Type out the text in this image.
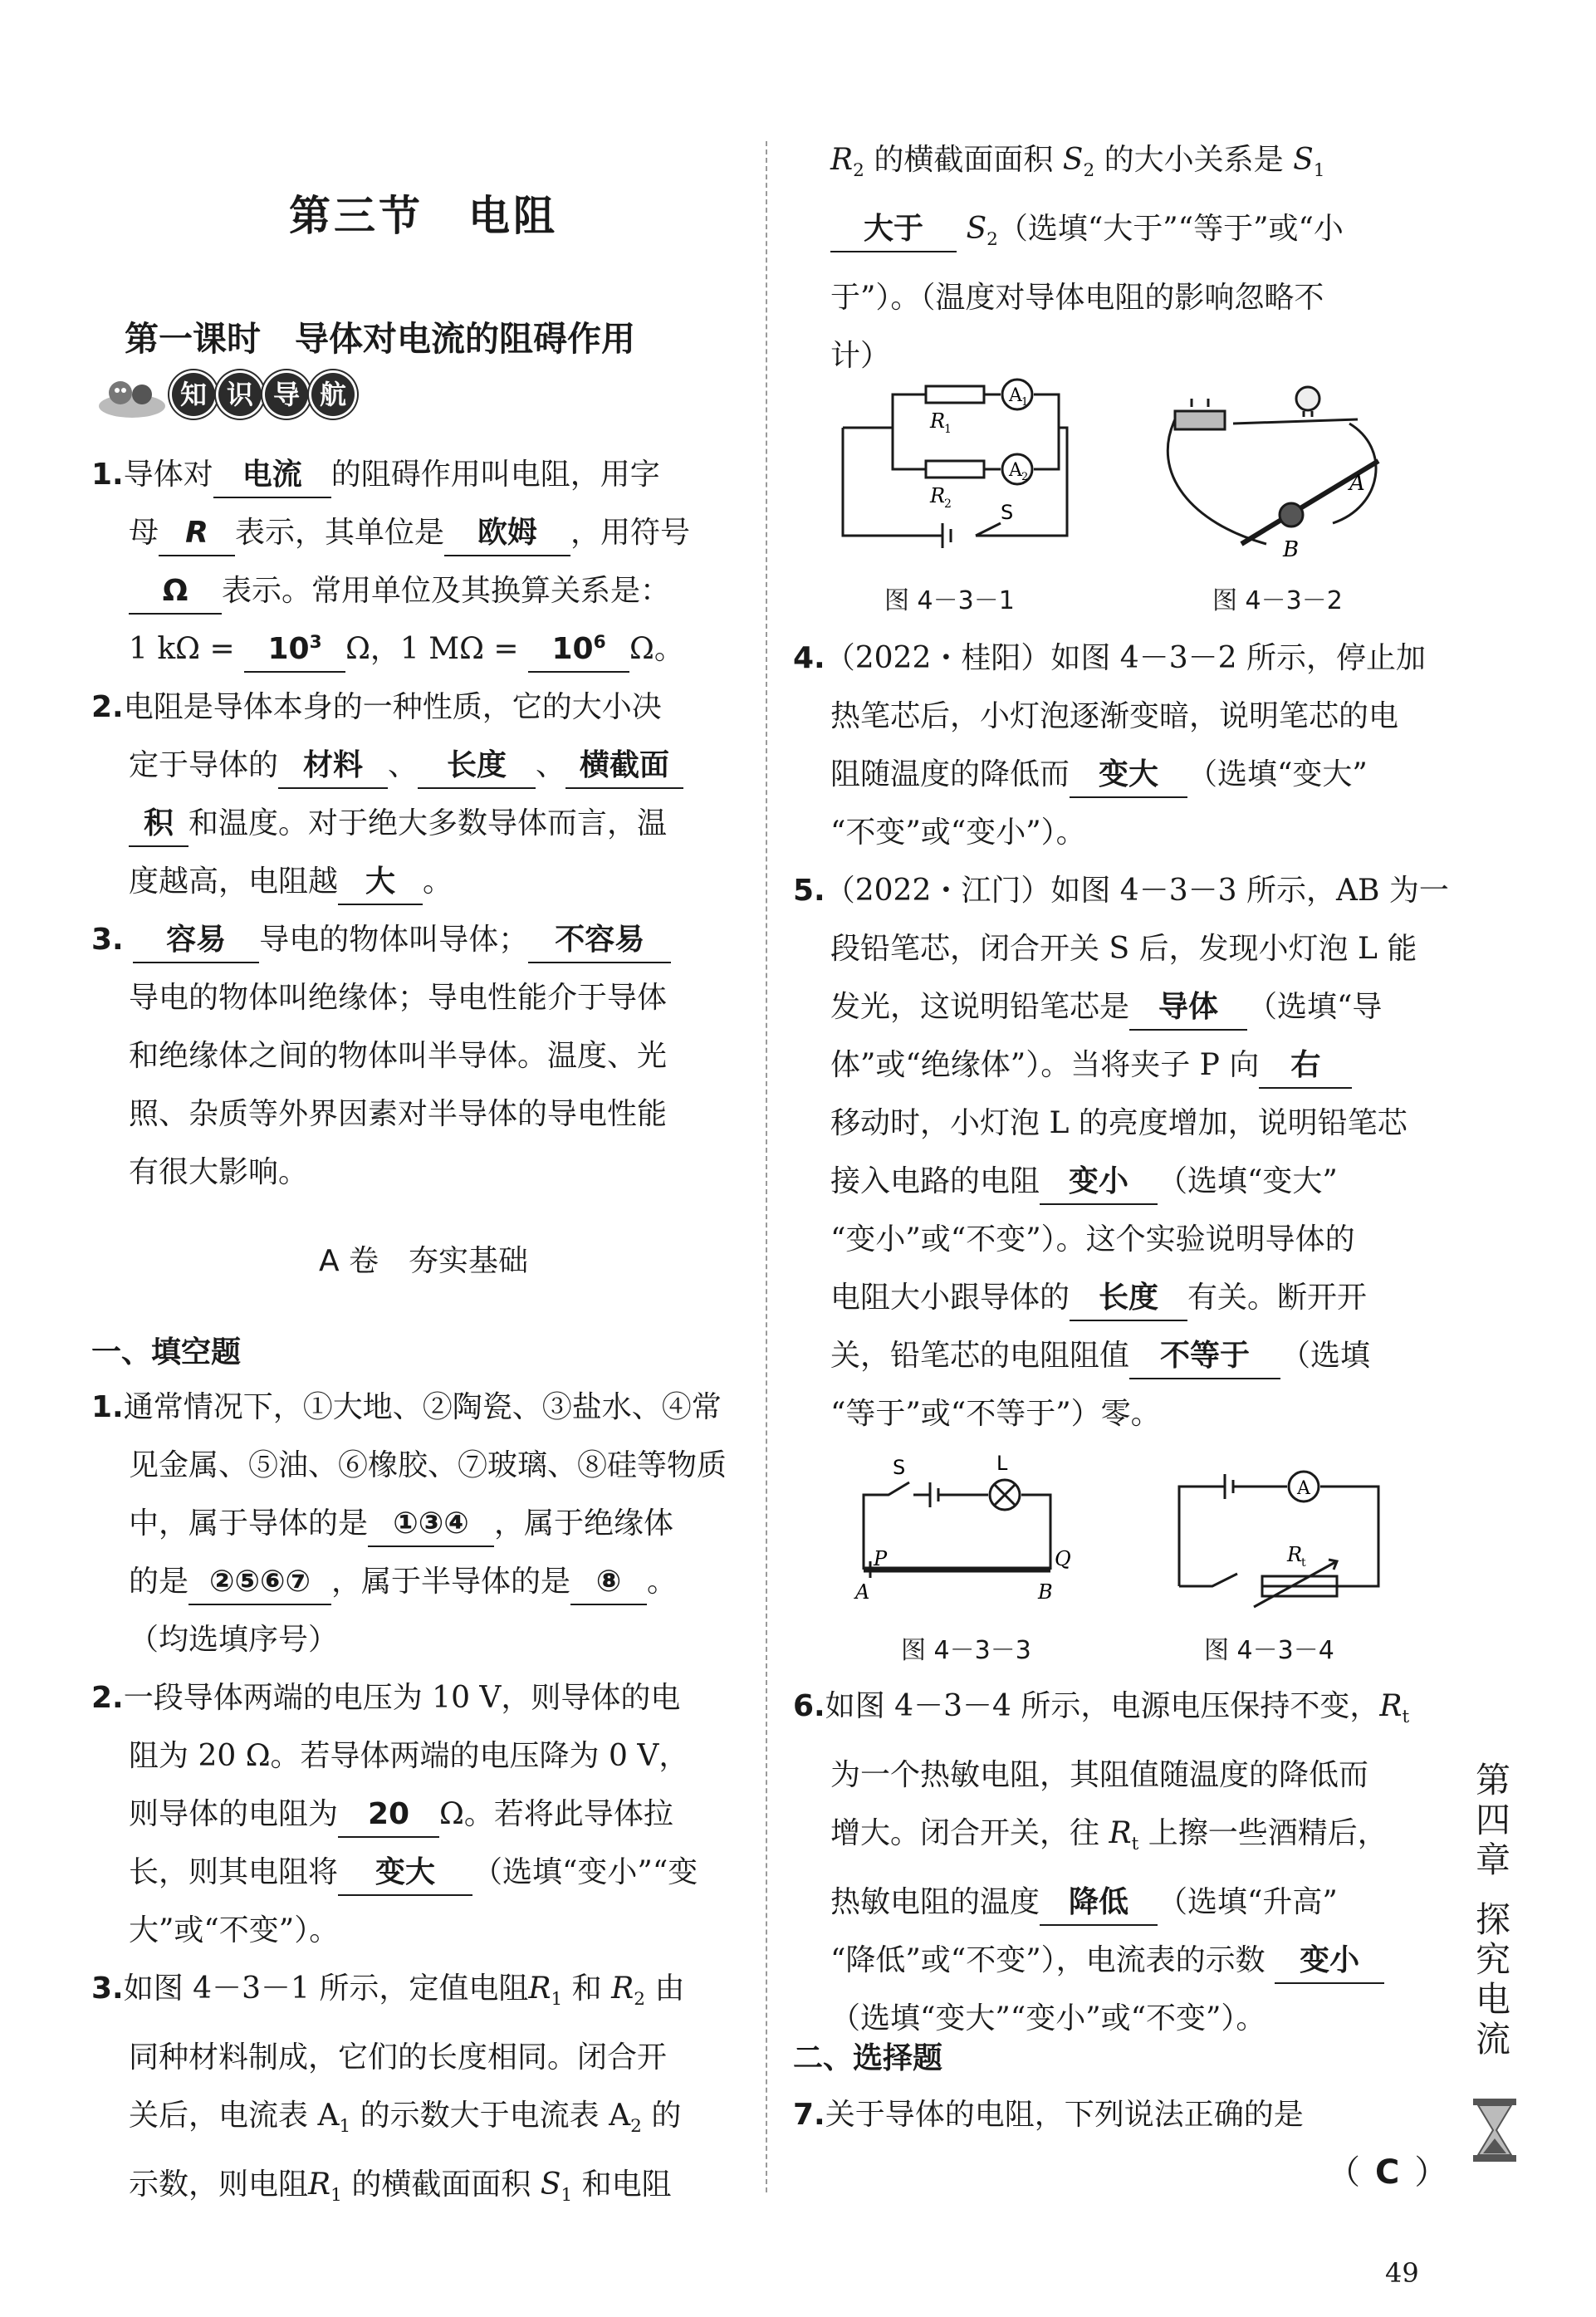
第三节　电阻
第一课时　导体对电流的阻碍作用
知 识 导 航

1.导体对 电流 的阻碍作用叫电阻，用字

母 R 表示，其单位是 欧姆 ，用符号

Ω 表示。常用单位及其换算关系是：

1 $k\Omega = 10^3$ Ω，1 $M\Omega = 10^6$ Ω。

2.电阻是导体本身的一种性质，它的大小决

定于导体的 材料 、 长度 、 横截面

积 和温度。对于绝大多数导体而言，温

度越高，电阻越 大 。

3. 容易 导电的物体叫导体； 不容易

导电的物体叫绝缘体；导电性能介于导体

和绝缘体之间的物体叫半导体。温度、光

照、杂质等外界因素对半导体的导电性能

有很大影响。

A 卷　夯实基础
一、填空题

1.通常情况下，①大地、②陶瓷、③盐水、④常

见金属、⑤油、⑥橡胶、⑦玻璃、⑧硅等物质

中，属于导体的是 ①③④ ，属于绝缘体

的是 ②⑤⑥⑦ ，属于半导体的是 ⑧ 。

（均选填序号）

2.一段导体两端的电压为 10 V，则导体的电

阻为 20 Ω。若导体两端的电压降为 0 V，

则导体的电阻为 20 Ω。若将此导体拉

长，则其电阻将 变大 （选填“变小”“变

大”或“不变”）。

3.如图 4－3－1 所示，定值电阻$R_1$ 和 $R_2$ 由

同种材料制成，它们的长度相同。闭合开

关后，电流表 $A_1$ 的示数大于电流表 $A_2$ 的

示数，则电阻$R_1$ 的横截面面积 $S_1$ 和电阻

$R_2$ 的横截面面积 $S_2$ 的大小关系是 $S_1$

大于 $S_2$（选填“大于”“等于”或“小

于”）。（温度对导体电阻的影响忽略不

计）

A 1
A 2
R
1
R
2 S
图 4－3－1
A
B
图 4－3－2

4.（2022・桂阳）如图 4－3－2 所示，停止加

热笔芯后，小灯泡逐渐变暗，说明笔芯的电

阻随温度的降低而 变大 （选填“变大”

“不变”或“变小”）。

5.（2022・江门）如图 4－3－3 所示，AB 为一

段铅笔芯，闭合开关 S 后，发现小灯泡 L 能

发光，这说明铅笔芯是 导体 （选填“导

体”或“绝缘体”）。当将夹子 P 向 右

移动时，小灯泡 L 的亮度增加，说明铅笔芯

接入电路的电阻 变小 （选填“变大”

“变小”或“不变”）。这个实验说明导体的

电阻大小跟导体的 长度 有关。断开开

关，铅笔芯的电阻阻值 不等于 （选填

“等于”或“不等于”）零。

S	L
P	Q
A	B
图 4－3－3
A
R
t
图 4－3－4

6.如图 4－3－4 所示，电源电压保持不变，$R_t$

为一个热敏电阻，其阻值随温度的降低而

增大。闭合开关，往 $R_t$ 上擦一些酒精后，

热敏电阻的温度 降低 （选填“升高”

“降低”或“不变”），电流表的示数 变小

（选填“变大”“变小”或“不变”）。

二、选择题

7.关于导体的电阻，下列说法正确的是

（ C ）
第
四
章
探
究
电
流
49
